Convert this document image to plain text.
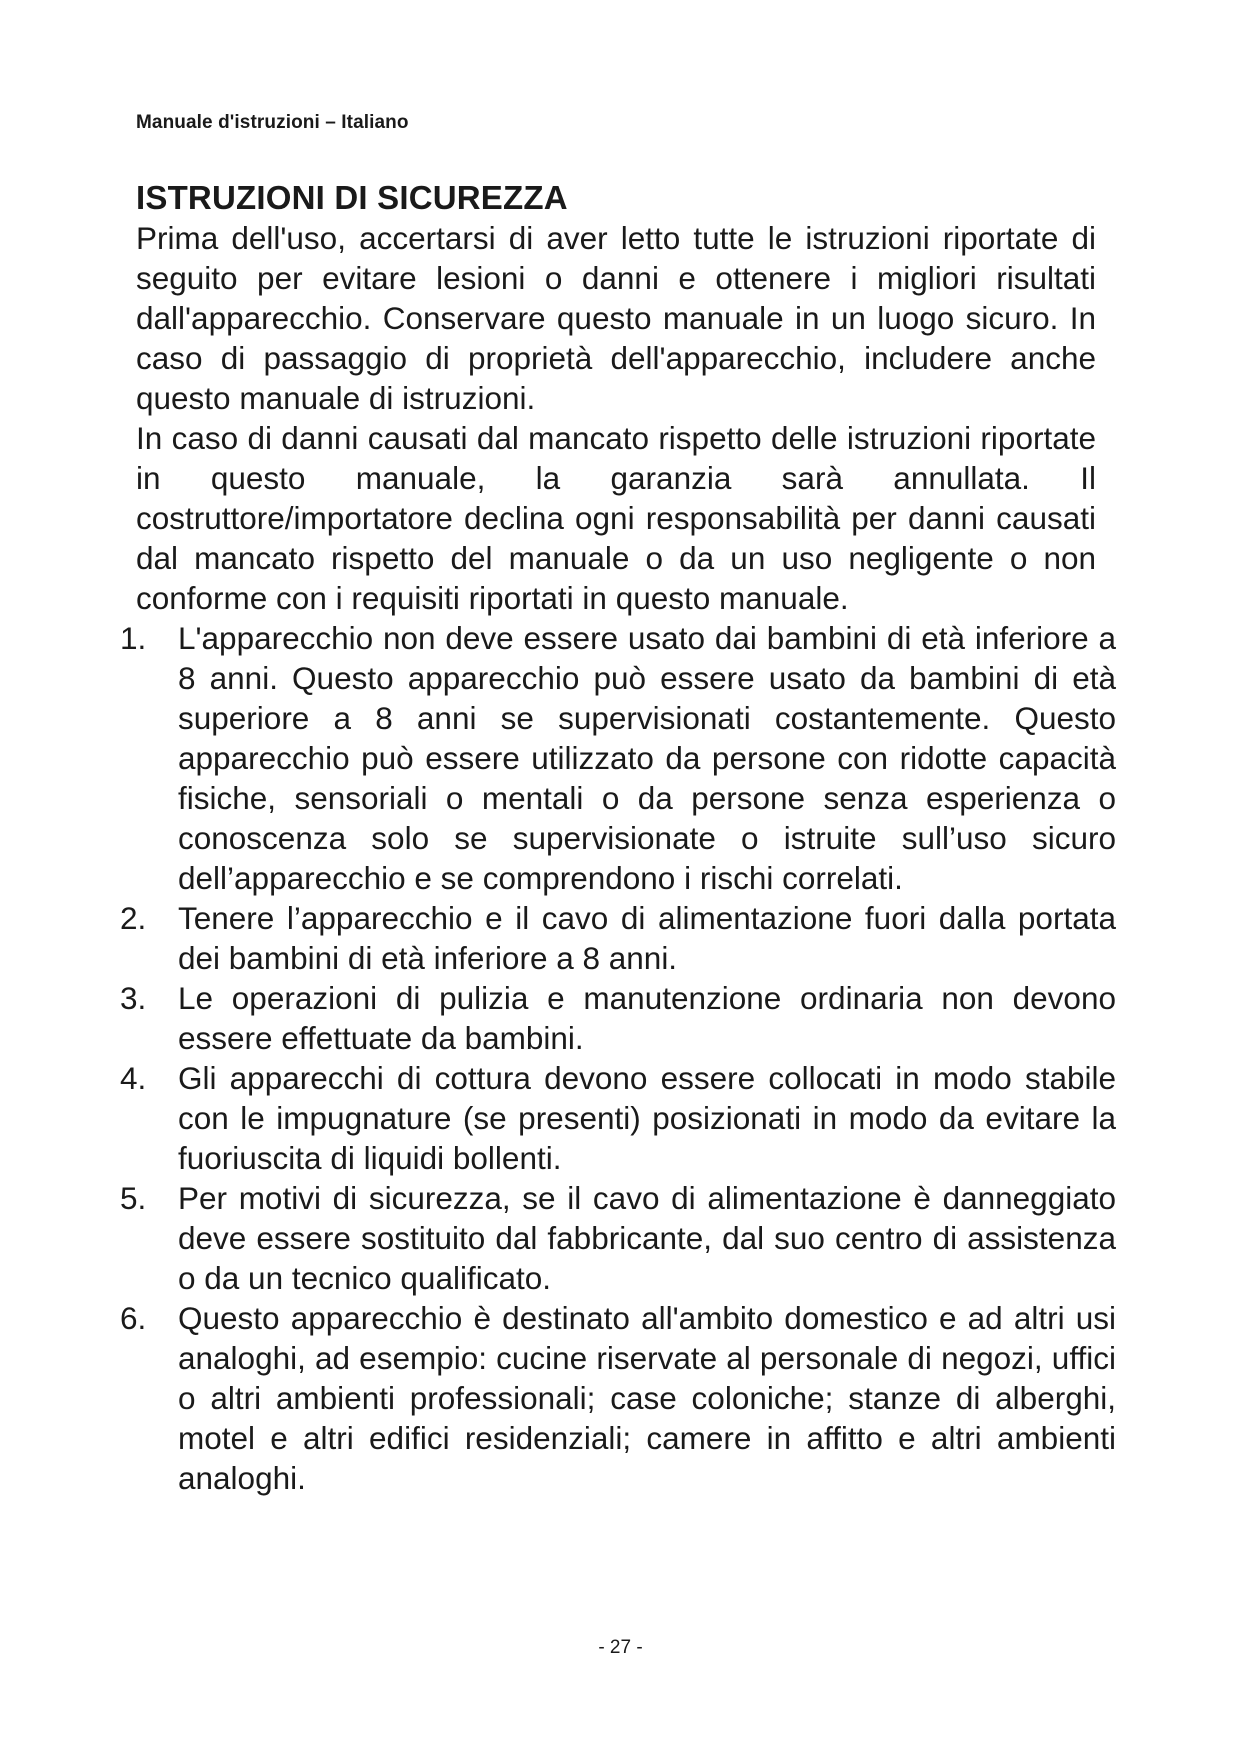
Manuale d'istruzioni – Italiano
ISTRUZIONI DI SICUREZZA

Prima dell'uso, accertarsi di aver letto tutte le istruzioni riportate di seguito per evitare lesioni o danni e ottenere i migliori risultati dall'apparecchio. Conservare questo manuale in un luogo sicuro. In caso di passaggio di proprietà dell'apparecchio, includere anche questo manuale di istruzioni.

In caso di danni causati dal mancato rispetto delle istruzioni riportate in questo manuale, la garanzia sarà annullata. Il costruttore/importatore declina ogni responsabilità per danni causati dal mancato rispetto del manuale o da un uso negligente o non conforme con i requisiti riportati in questo manuale.

1.	L'apparecchio non deve essere usato dai bambini di età inferiore a 8 anni. Questo apparecchio può essere usato da bambini di età superiore a 8 anni se supervisionati costantemente. Questo apparecchio può essere utilizzato da persone con ridotte capacità fisiche, sensoriali o mentali o da persone senza esperienza o conoscenza solo se supervisionate o istruite sull’uso sicuro dell’apparecchio e se comprendono i rischi correlati.
2.	Tenere l’apparecchio e il cavo di alimentazione fuori dalla portata dei bambini di età inferiore a 8 anni.
3.	Le operazioni di pulizia e manutenzione ordinaria non devono essere effettuate da bambini.
4.	Gli apparecchi di cottura devono essere collocati in modo stabile con le impugnature (se presenti) posizionati in modo da evitare la fuoriuscita di liquidi bollenti.
5.	Per motivi di sicurezza, se il cavo di alimentazione è danneggiato deve essere sostituito dal fabbricante, dal suo centro di assistenza o da un tecnico qualificato.
6.	Questo apparecchio è destinato all'ambito domestico e ad altri usi analoghi, ad esempio: cucine riservate al personale di negozi, uffici o altri ambienti professionali; case coloniche; stanze di alberghi, motel e altri edifici residenziali; camere in affitto e altri ambienti analoghi.
- 27 -
